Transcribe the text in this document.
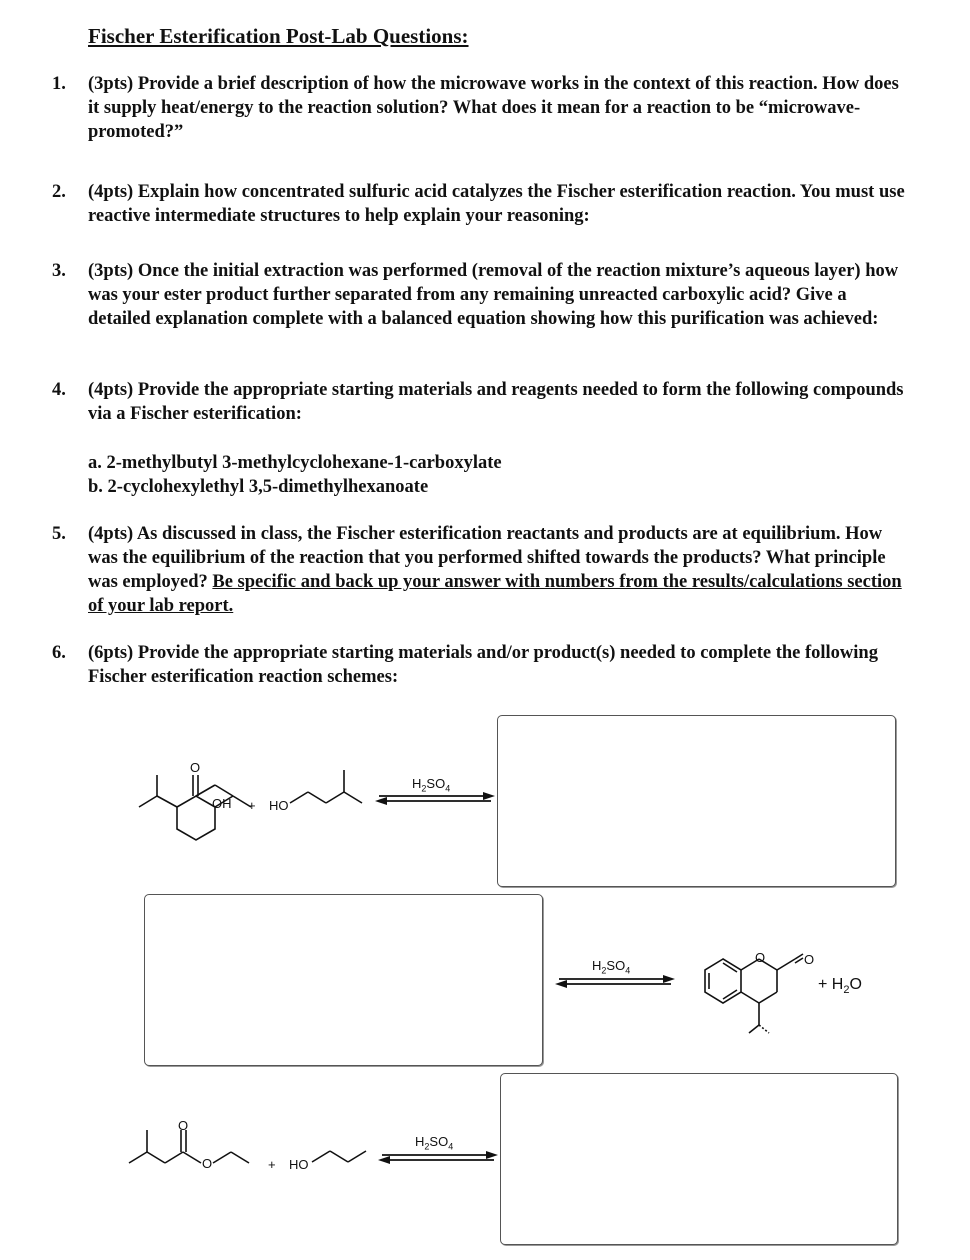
Fischer Esterification Post-Lab Questions:
1. (3pts) Provide a brief description of how the microwave works in the context of this reaction. How does it supply heat/energy to the reaction solution? What does it mean for a reaction to be “microwave-promoted?”
2. (4pts) Explain how concentrated sulfuric acid catalyzes the Fischer esterification reaction. You must use reactive intermediate structures to help explain your reasoning:
3. (3pts) Once the initial extraction was performed (removal of the reaction mixture’s aqueous layer) how was your ester product further separated from any remaining unreacted carboxylic acid? Give a detailed explanation complete with a balanced equation showing how this purification was achieved:
4. (4pts) Provide the appropriate starting materials and reagents needed to form the following compounds via a Fischer esterification:
a. 2-methylbutyl 3-methylcyclohexane-1-carboxylate
b. 2-cyclohexylethyl 3,5-dimethylhexanoate
5. (4pts) As discussed in class, the Fischer esterification reactants and products are at equilibrium. How was the equilibrium of the reaction that you performed shifted towards the products? What principle was employed? Be specific and back up your answer with numbers from the results/calculations section of your lab report.
6. (6pts) Provide the appropriate starting materials and/or product(s) needed to complete the following Fischer esterification reaction schemes:
O
OH + HO
$H_2SO_4$
$H_2SO_4$
O	O
+ $H_2O$
O
O	+ HO
$H_2SO_4$
